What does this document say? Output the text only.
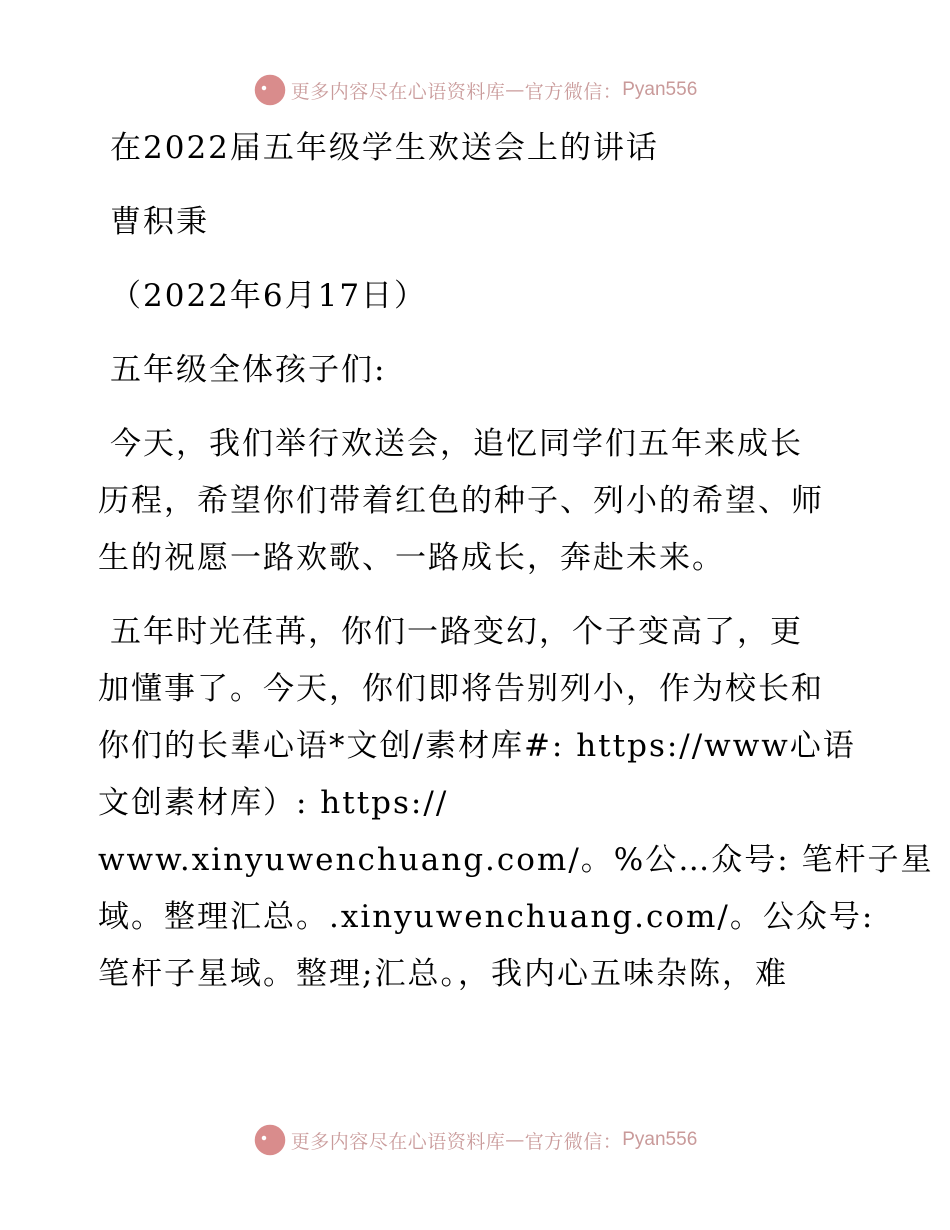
更多内容尽在心语资料库 — 官方微信： Pyan556
在2022届五年级学生欢送会上的讲话
曹积秉
（2022年6月17日）
五年级全体孩子们:
今天，我们举行欢送会，追忆同学们五年来成长
历程，希望你们带着红色的种子、列小的希望、师
生的祝愿一路欢歌、一路成长，奔赴未来。
五年时光荏苒，你们一路变幻，个子变高了，更
加懂事了。今天，你们即将告别列小，作为校长和
你们的长辈心语*文创/素材库#: https://www心语
文创素材库）: https://
www.xinyuwenchuang.com/。%公…众号: 笔杆子星
域。整理汇总。.xinyuwenchuang.com/。公众号:
笔杆子星域。整理;汇总。，我内心五味杂陈，难
更多内容尽在心语资料库 — 官方微信： Pyan556
